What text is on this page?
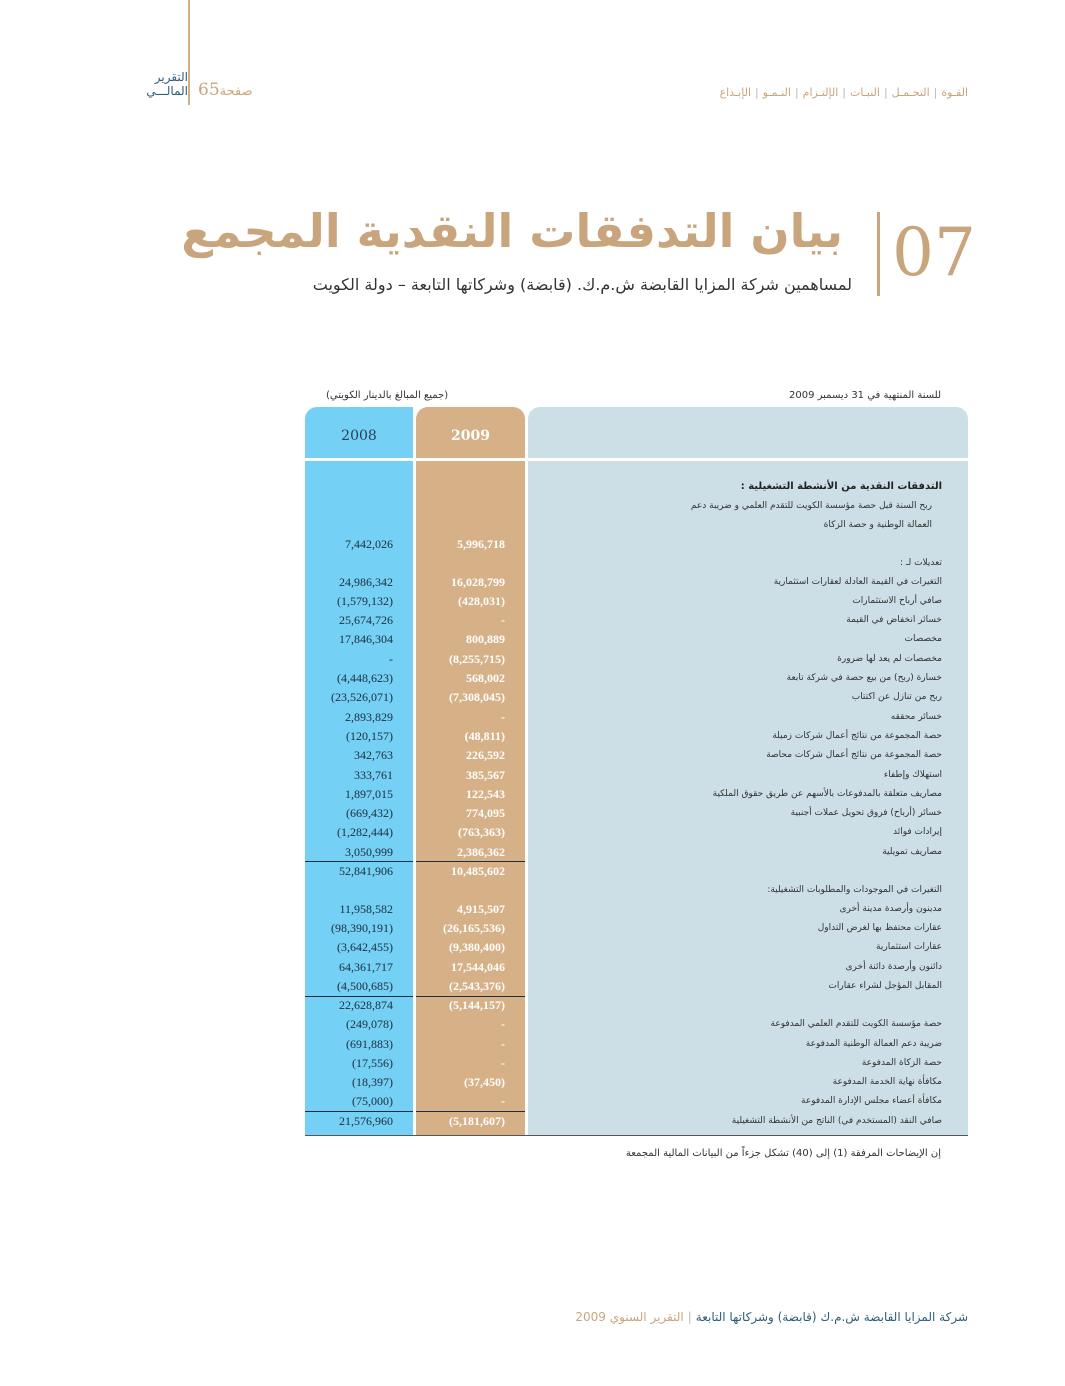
التقرير
المالـــي 65صفحة	القـوة|التحـمـل|النبـات|الإلتـزام|النـمـو|الإبـداع
07
بيان التدفقات النقدية المجمع
لمساهمين شركة المزايا القابضة ش.م.ك. (قابضة) وشركاتها التابعة – دولة الكويت
للسنة المنتهية في 31 ديسمبر 2009
(جميع المبالغ بالدينار الكويتي)
2008	2009
التدفقات النقدية من الأنشطة التشغيلية :
ربح السنة قبل حصة مؤسسة الكويت للتقدم العلمي و ضريبة دعم
العمالة الوطنية و حصة الزكاة
7,442,026	5,996,718
تعديلات لـ :
24,986,342	16,028,799	التغيرات في القيمة العادلة لعقارات استثمارية
(1,579,132)	(428,031)	صافي أرباح الاستثمارات
25,674,726	-	خسائر انخفاض في القيمة
17,846,304	800,889	مخصصات
-	(8,255,715)	مخصصات لم يعد لها ضرورة
(4,448,623)	568,002	خسارة (ربح) من بيع حصة في شركة تابعة
(23,526,071)	(7,308,045)	ربح من تنازل عن اكتتاب
2,893,829	-	خسائر محققه
(120,157)	(48,811)	حصة المجموعة من نتائج أعمال شركات زميلة
342,763	226,592	حصة المجموعة من نتائج أعمال شركات محاصة
333,761	385,567	استهلاك وإطفاء
1,897,015	122,543	مصاريف متعلقة بالمدفوعات بالأسهم عن طريق حقوق الملكية
(669,432)	774,095	خسائر (أرباح) فروق تحويل عملات أجنبية
(1,282,444)	(763,363)	إيرادات فوائد
3,050,999	2,386,362	مصاريف تمويلية
52,841,906	10,485,602
التغيرات في الموجودات والمطلوبات التشغيلية:
11,958,582	4,915,507	مدينون وأرصدة مدينة أخرى
(98,390,191)	(26,165,536)	عقارات محتفظ بها لغرض التداول
(3,642,455)	(9,380,400)	عقارات استثمارية
64,361,717	17,544,046	دائنون وأرصدة دائنة أخرى
(4,500,685)	(2,543,376)	المقابل المؤجل لشراء عقارات
22,628,874	(5,144,157)
(249,078)	-	حصة مؤسسة الكويت للتقدم العلمي المدفوعة
(691,883)	-	ضريبة دعم العمالة الوطنية المدفوعة
(17,556)	-	حصة الزكاة المدفوعة
(18,397)	(37,450)	مكافأة نهاية الخدمة المدفوعة
(75,000)	-	مكافأة أعضاء مجلس الإدارة المدفوعة
21,576,960	(5,181,607)	صافي النقد (المستخدم في) الناتج من الأنشطة التشغيلية
إن الإيضاحات المرفقة (1) إلى (40) تشكل جزءاً من البيانات المالية المجمعة
شركة المزايا القابضة ش.م.ك (قابضة) وشركاتها التابعة|التقرير السنوي 2009
